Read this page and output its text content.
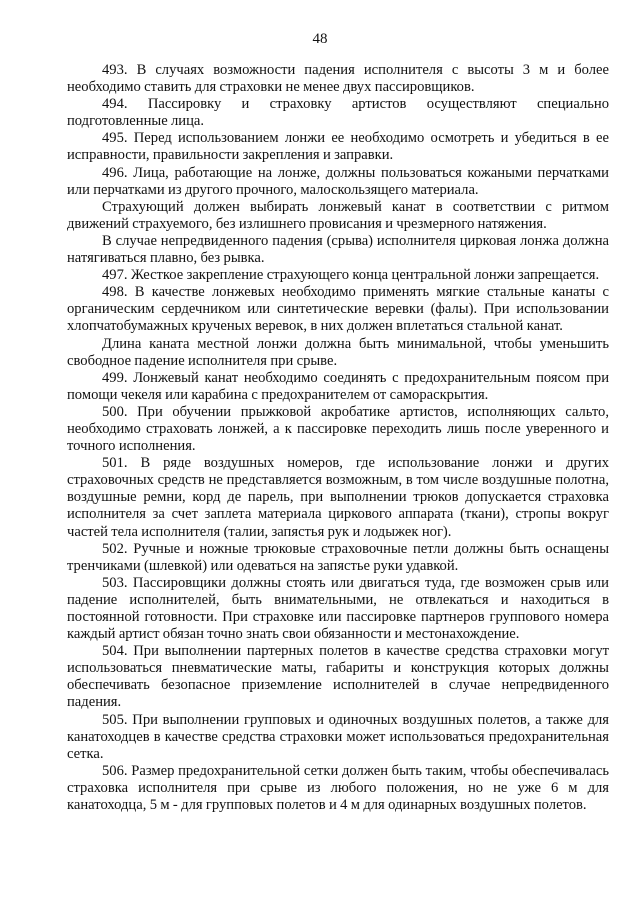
48

493. В случаях возможности падения исполнителя с высоты 3 м и более необходимо ставить для страховки не менее двух пассировщиков.

494. Пассировку и страховку артистов осуществляют специально подготовленные лица.

495. Перед использованием лонжи ее необходимо осмотреть и убедиться в ее исправности, правильности закрепления и заправки.

496. Лица, работающие на лонже, должны пользоваться кожаными перчатками или перчатками из другого прочного, малоскользящего материала.

Страхующий должен выбирать лонжевый канат в соответствии с ритмом движений страхуемого, без излишнего провисания и чрезмерного натяжения.

В случае непредвиденного падения (срыва) исполнителя цирковая лонжа должна натягиваться плавно, без рывка.

497. Жесткое закрепление страхующего конца центральной лонжи запрещается.

498. В качестве лонжевых необходимо применять мягкие стальные канаты с органическим сердечником или синтетические веревки (фалы). При использовании хлопчатобумажных крученых веревок, в них должен вплетаться стальной канат.

Длина каната местной лонжи должна быть минимальной, чтобы уменьшить свободное падение исполнителя при срыве.

499. Лонжевый канат необходимо соединять с предохранительным поясом при помощи чекеля или карабина с предохранителем от самораскрытия.

500. При обучении прыжковой акробатике артистов, исполняющих сальто, необходимо страховать лонжей, а к пассировке переходить лишь после уверенного и точного исполнения.

501. В ряде воздушных номеров, где использование лонжи и других страховочных средств не представляется возможным, в том числе воздушные полотна, воздушные ремни, корд де парель, при выполнении трюков допускается страховка исполнителя за счет заплета материала циркового аппарата (ткани), стропы вокруг частей тела исполнителя (талии, запястья рук и лодыжек ног).

502. Ручные и ножные трюковые страховочные петли должны быть оснащены тренчиками (шлевкой) или одеваться на запястье руки удавкой.

503. Пассировщики должны стоять или двигаться туда, где возможен срыв или падение исполнителей, быть внимательными, не отвлекаться и находиться в постоянной готовности. При страховке или пассировке партнеров группового номера каждый артист обязан точно знать свои обязанности и местонахождение.

504. При выполнении партерных полетов в качестве средства страховки могут использоваться пневматические маты, габариты и конструкция которых должны обеспечивать безопасное приземление исполнителей в случае непредвиденного падения.

505. При выполнении групповых и одиночных воздушных полетов, а также для канатоходцев в качестве средства страховки может использоваться предохранительная сетка.

506. Размер предохранительной сетки должен быть таким, чтобы обеспечивалась страховка исполнителя при срыве из любого положения, но не уже 6 м для канатоходца, 5 м - для групповых полетов и 4 м для одинарных воздушных полетов.
